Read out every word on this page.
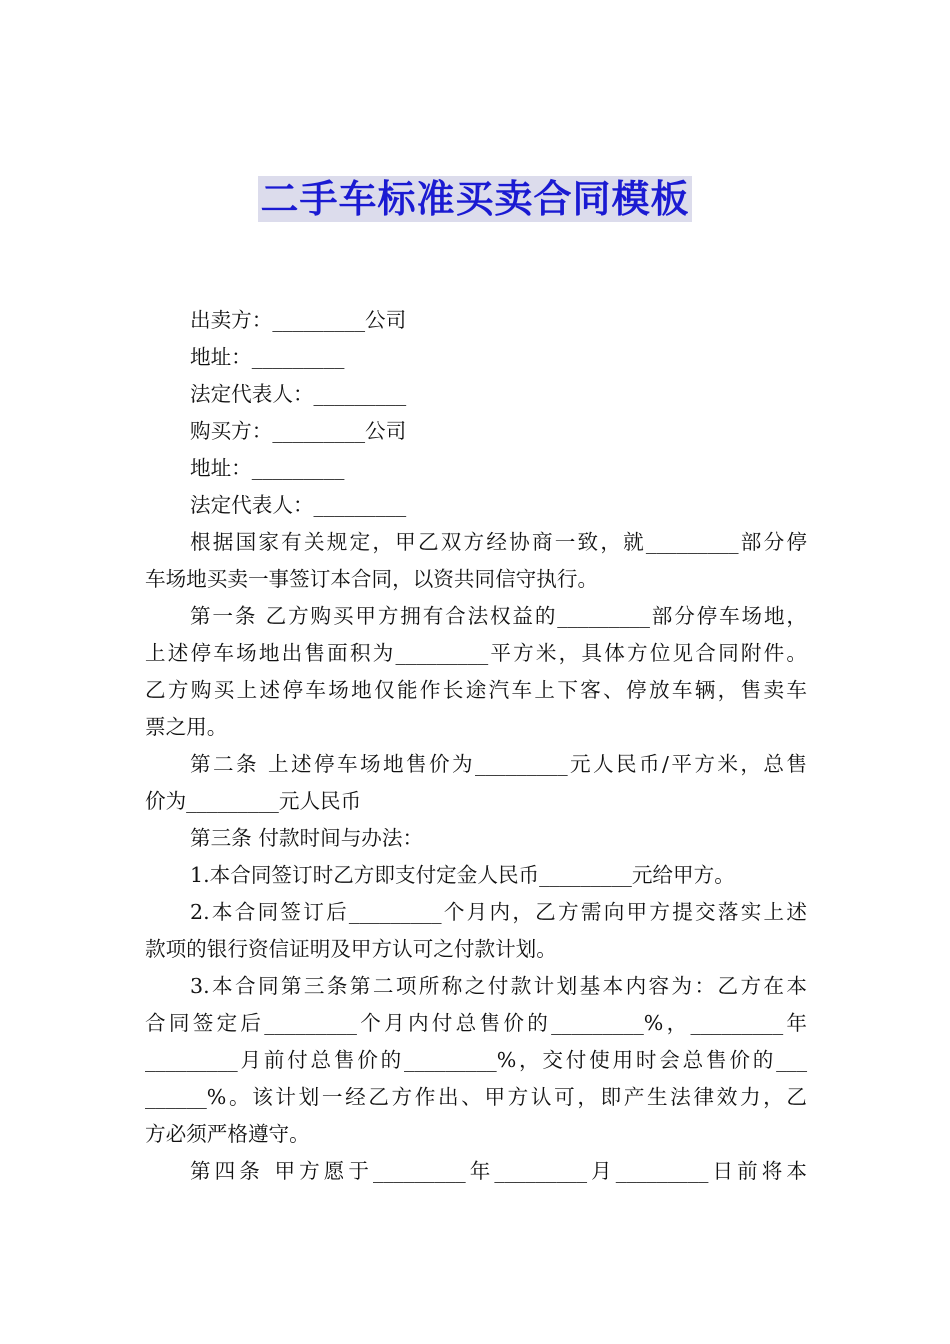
二手车标准买卖合同模板
出卖方：_________公司
地址：_________
法定代表人：_________
购买方：_________公司
地址：_________
法定代表人：_________
根据国家有关规定，甲乙双方经协商一致，就_________部分停
车场地买卖一事签订本合同，以资共同信守执行。
第一条 乙方购买甲方拥有合法权益的_________部分停车场地，
上述停车场地出售面积为_________平方米，具体方位见合同附件。
乙方购买上述停车场地仅能作长途汽车上下客、停放车辆，售卖车
票之用。
第二条 上述停车场地售价为_________元人民币/平方米，总售
价为_________元人民币
第三条 付款时间与办法：
1.本合同签订时乙方即支付定金人民币_________元给甲方。
2.本合同签订后_________个月内，乙方需向甲方提交落实上述
款项的银行资信证明及甲方认可之付款计划。
3.本合同第三条第二项所称之付款计划基本内容为：乙方在本
合同签定后_________个月内付总售价的_________%，_________年
_________月前付总售价的_________%，交付使用时会总售价的___
______%。该计划一经乙方作出、甲方认可，即产生法律效力，乙
方必须严格遵守。
第四条 甲方愿于_________年_________月_________日前将本
